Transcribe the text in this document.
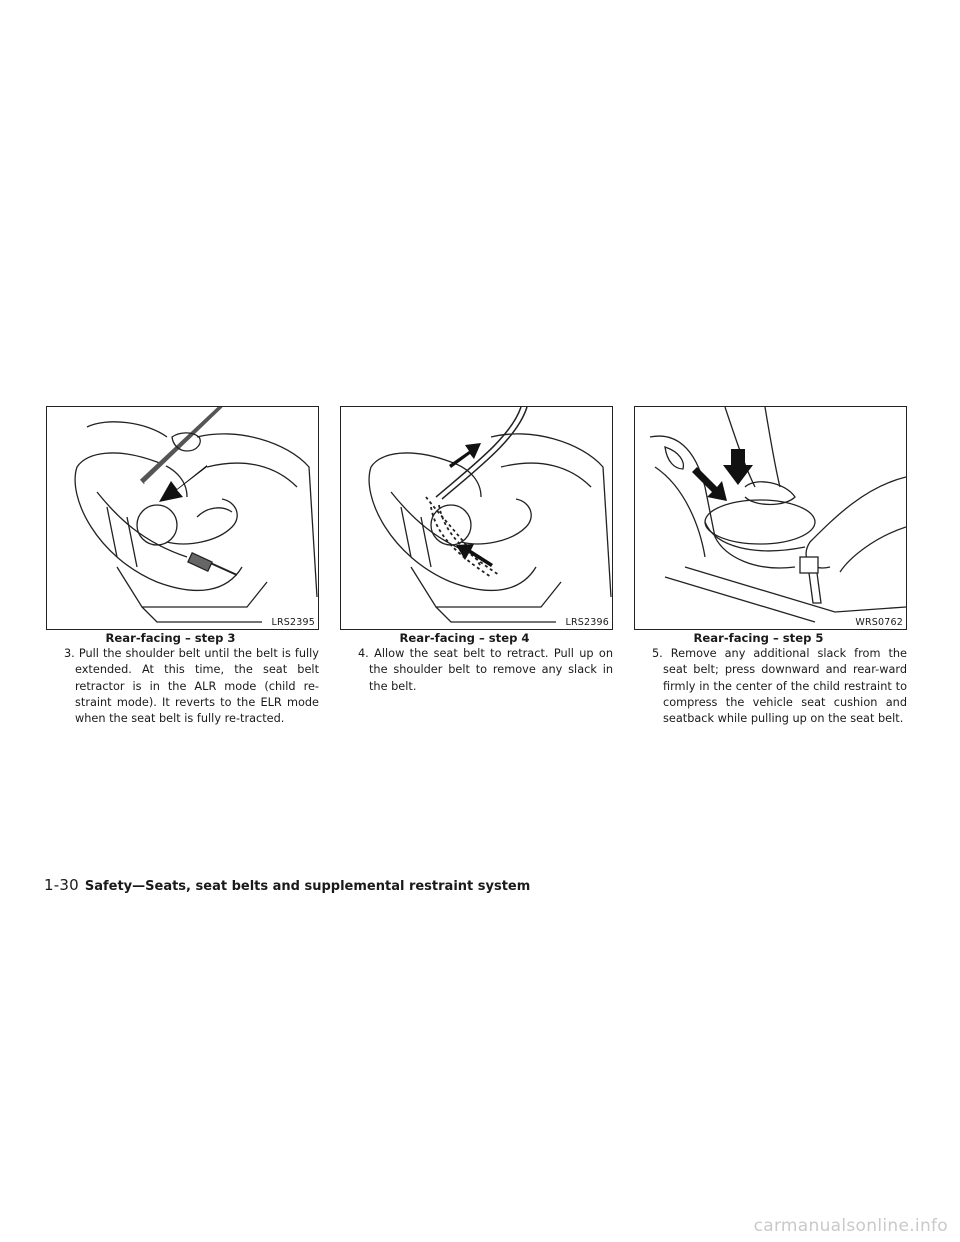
LRS2395
Rear-facing – step 3
3. Pull the shoulder belt until the belt is fully extended. At this time, the seat belt retractor is in the ALR mode (child re-straint mode). It reverts to the ELR mode when the seat belt is fully re-tracted.
LRS2396
Rear-facing – step 4
4. Allow the seat belt to retract. Pull up on the shoulder belt to remove any slack in the belt.
WRS0762
Rear-facing – step 5
5. Remove any additional slack from the seat belt; press downward and rear-ward firmly in the center of the child restraint to compress the vehicle seat cushion and seatback while pulling up on the seat belt.
1-30 Safety—Seats, seat belts and supplemental restraint system
carmanualsonline.info
